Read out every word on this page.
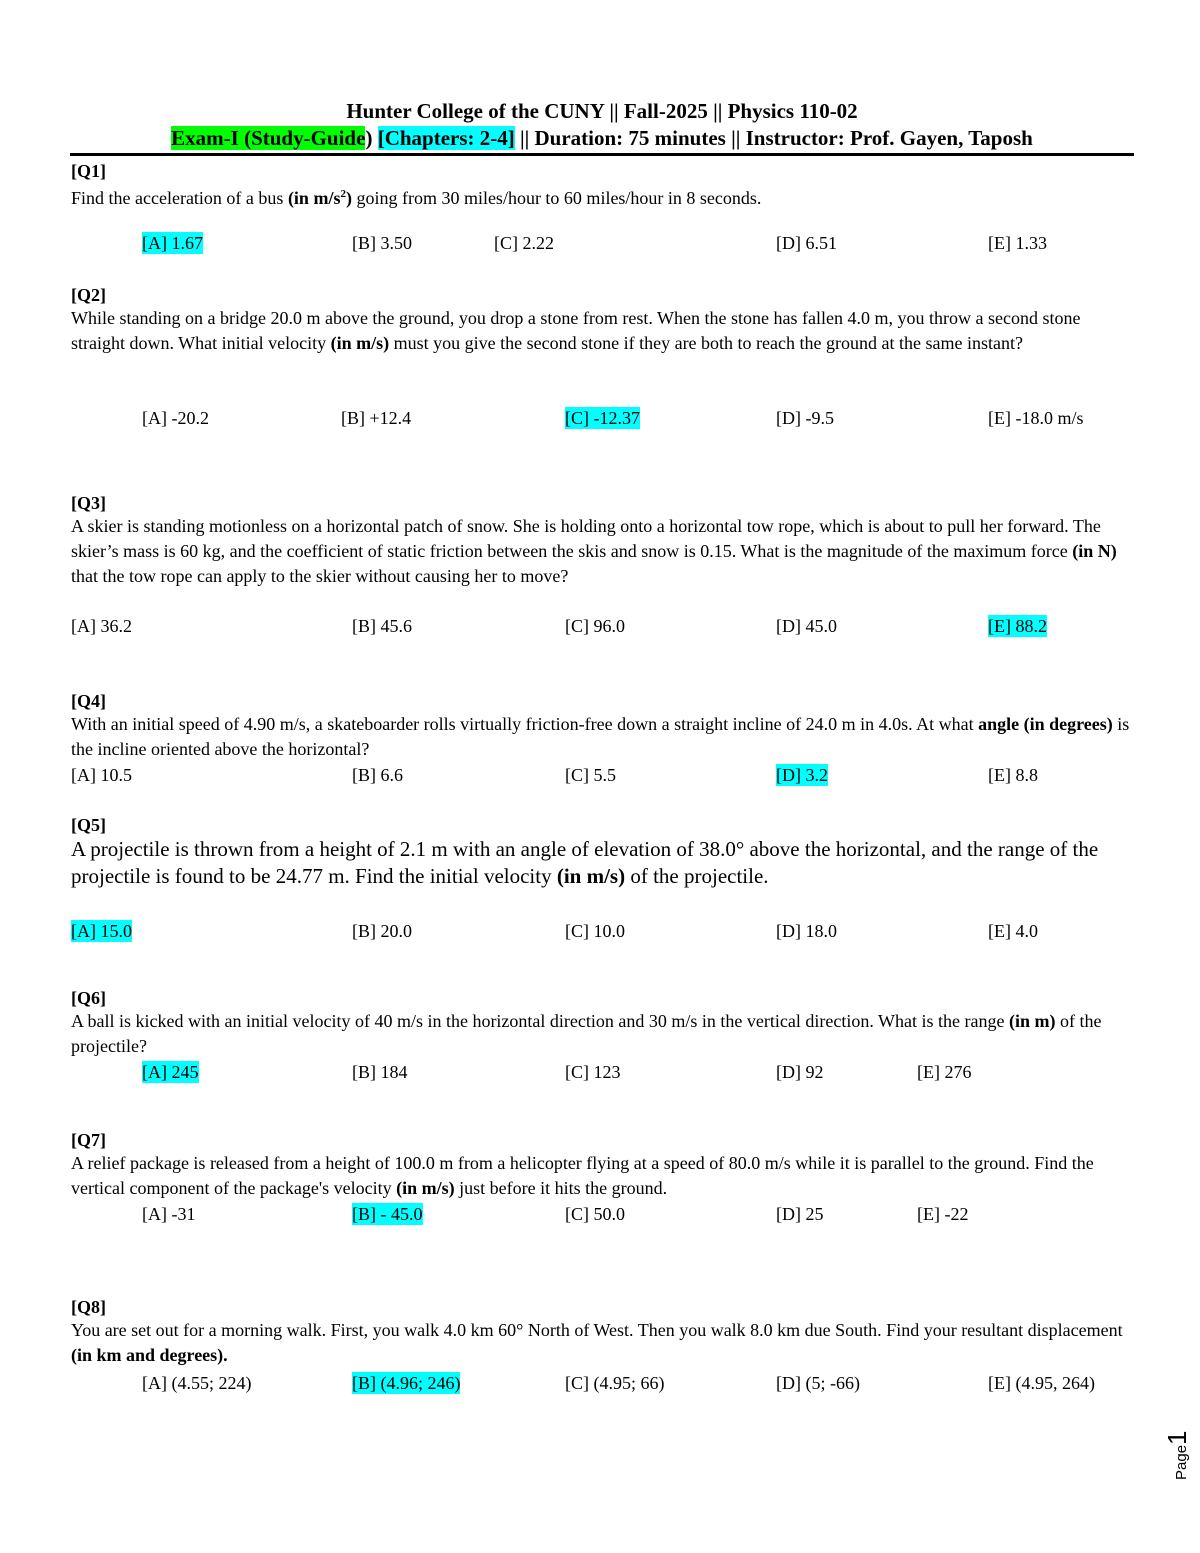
Hunter College of the CUNY || Fall-2025 || Physics 110-02
Exam-I (Study-Guide) [Chapters: 2-4] || Duration: 75 minutes || Instructor: Prof. Gayen, Taposh
[Q1]
Find the acceleration of a bus (in $m/s^2$) going from 30 miles/hour to 60 miles/hour in 8 seconds.
[A] 1.67	[B] 3.50	[C] 2.22	[D] 6.51	[E] 1.33
[Q2]
While standing on a bridge 20.0 m above the ground, you drop a stone from rest. When the stone has fallen 4.0 m, you throw a second stone straight down. What initial velocity (in m/s) must you give the second stone if they are both to reach the ground at the same instant?
[A] -20.2	[B] +12.4	[C] -12.37	[D] -9.5	[E] -18.0 m/s
[Q3]
A skier is standing motionless on a horizontal patch of snow. She is holding onto a horizontal tow rope, which is about to pull her forward. The skier’s mass is 60 kg, and the coefficient of static friction between the skis and snow is 0.15. What is the magnitude of the maximum force (in N) that the tow rope can apply to the skier without causing her to move?
[A] 36.2	[B] 45.6	[C] 96.0	[D] 45.0	[E] 88.2
[Q4]
With an initial speed of 4.90 m/s, a skateboarder rolls virtually friction-free down a straight incline of 24.0 m in 4.0s. At what angle (in degrees) is the incline oriented above the horizontal?
[A] 10.5	[B] 6.6	[C] 5.5	[D] 3.2	[E] 8.8
[Q5]
A projectile is thrown from a height of 2.1 m with an angle of elevation of 38.0° above the horizontal, and the range of the projectile is found to be 24.77 m. Find the initial velocity (in m/s) of the projectile.
[A] 15.0	[B] 20.0	[C] 10.0	[D] 18.0	[E] 4.0
[Q6]
A ball is kicked with an initial velocity of 40 m/s in the horizontal direction and 30 m/s in the vertical direction. What is the range (in m) of the projectile?
[A] 245	[B] 184	[C] 123	[D] 92	[E] 276
[Q7]
A relief package is released from a height of 100.0 m from a helicopter flying at a speed of 80.0 m/s while it is parallel to the ground. Find the vertical component of the package's velocity (in m/s) just before it hits the ground.
[A] -31	[B] - 45.0	[C] 50.0	[D] 25	[E] -22
[Q8]
You are set out for a morning walk. First, you walk 4.0 km 60° North of West. Then you walk 8.0 km due South. Find your resultant displacement (in km and degrees).
[A] (4.55; 224)	[B] (4.96; 246)	[C] (4.95; 66)	[D] (5; -66)	[E] (4.95, 264)
Page1
